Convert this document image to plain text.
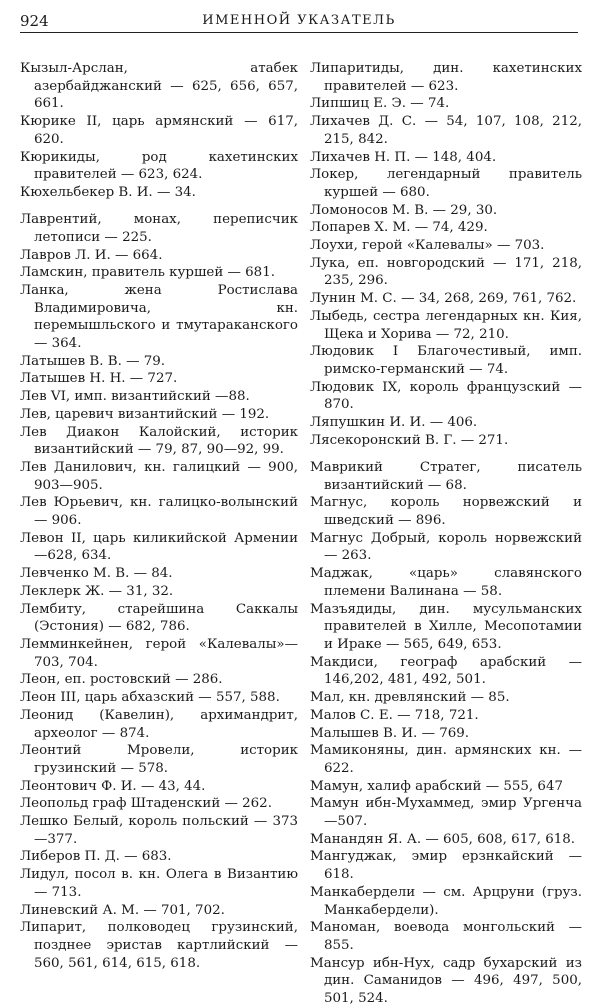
924	ИМЕННОЙ УКАЗАТЕЛЬ
Кызыл-Арслан, атабек азербайджанский — 625, 656, 657, 661.
Кюрике II, царь армянский — 617, 620.
Кюрикиды, род кахетинских правителей — 623, 624.
Кюхельбекер В. И. — 34.
Лаврентий, монах, переписчик летописи — 225.
Лавров Л. И. — 664.
Ламскин, правитель куршей — 681.
Ланка, жена Ростислава Владимировича, кн. перемышльского и тмутараканского — 364.
Латышев В. В. — 79.
Латышев Н. Н. — 727.
Лев VI, имп. византийский —88.
Лев, царевич византийский — 192.
Лев Диакон Калойский, историк византийский — 79, 87, 90—92, 99.
Лев Данилович, кн. галицкий — 900, 903—905.
Лев Юрьевич, кн. галицко-волынский— 906.
Левон II, царь киликийской Армении—628, 634.
Левченко М. В. — 84.
Леклерк Ж. — 31, 32.
Лембиту, старейшина Саккалы (Эстония) — 682, 786.
Лемминкейнен, герой «Калевалы»—703, 704.
Леон, еп. ростовский — 286.
Леон III, царь абхазский — 557, 588.
Леонид (Кавелин), архимандрит, археолог — 874.
Леонтий Мровели, историк грузинский — 578.
Леонтович Ф. И. — 43, 44.
Леопольд граф Штаденский — 262.
Лешко Белый, король польский — 373—377.
Либеров П. Д. — 683.
Лидул, посол в. кн. Олега в Византию — 713.
Линевский А. М. — 701, 702.
Липарит, полководец грузинский, позднее эристав картлийский — 560, 561, 614, 615, 618.
Липаритиды, дин. кахетинских правителей — 623.
Липшиц Е. Э. — 74.
Лихачев Д. С. — 54, 107, 108, 212, 215, 842.
Лихачев Н. П. — 148, 404.
Локер, легендарный правитель куршей — 680.
Ломоносов М. В. — 29, 30.
Лопарев Х. М. — 74, 429.
Лоухи, герой «Калевалы» — 703.
Лука, еп. новгородский — 171, 218, 235, 296.
Лунин М. С. — 34, 268, 269, 761, 762.
Лыбедь, сестра легендарных кн. Кия, Щека и Хорива — 72, 210.
Людовик I Благочестивый, имп. римско-германский — 74.
Людовик IX, король французский —870.
Ляпушкин И. И. — 406.
Лясекоронский В. Г. — 271.
Маврикий Стратег, писатель византийский — 68.
Магнус, король норвежский и шведский — 896.
Магнус Добрый, король норвежский — 263.
Маджак, «царь» славянского племени Валинана — 58.
Мазъядиды, дин. мусульманских правителей в Хилле, Месопотамии и Ираке — 565, 649, 653.
Макдиси, географ арабский —146,202, 481, 492, 501.
Мал, кн. древлянский — 85.
Малов С. Е. — 718, 721.
Малышев В. И. — 769.
Мамиконяны, дин. армянских кн. — 622.
Мамун, халиф арабский — 555, 647
Мамун ибн-Мухаммед, эмир Ургенча —507.
Манандян Я. А. — 605, 608, 617, 618.
Мангуджак, эмир ерзнкайский — 618.
Манкабердели — см. Арцруни (груз. Манкабердели).
Маноман, воевода монгольский — 855.
Мансур ибн-Нух, садр бухарский из дин. Саманидов — 496, 497, 500, 501, 524.
